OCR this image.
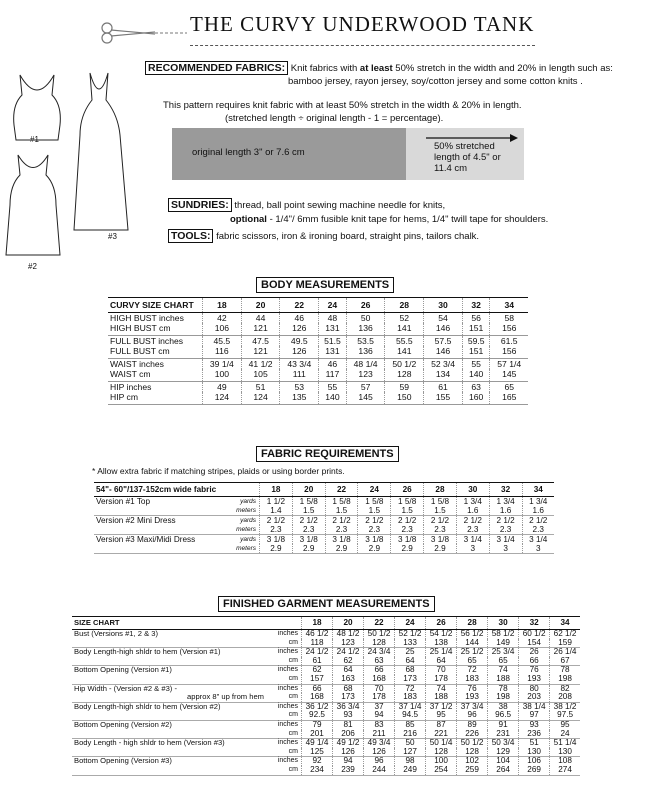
THE CURVY UNDERWOOD TANK
#1
#3
#2
RECOMMENDED FABRICS: Knit fabrics with at least 50% stretch in the width and 20% in length such as:
bamboo jersey, rayon jersey, soy/cotton jersey and some cotton knits .
This pattern requires knit fabric with at least 50% stretch in the width & 20% in length.
(stretched length ÷ original length - 1 = percentage).
original length 3" or 7.6 cm
50% stretched
length of 4.5" or
11.4 cm
SUNDRIES: thread, ball point sewing machine needle for knits,
optional - 1/4"/ 6mm fusible knit tape for hems, 1/4" twill tape for shoulders.
TOOLS: fabric scissors, iron & ironing board, straight pins, tailors chalk.
BODY MEASUREMENTS
CURVY SIZE CHART	18	20	22	24	26	28	30	32	34
HIGH BUST inches	42	44	46	48	50	52	54	56	58
HIGH BUST cm	106	121	126	131	136	141	146	151	156
FULL BUST inches	45.5	47.5	49.5	51.5	53.5	55.5	57.5	59.5	61.5
FULL BUST cm	116	121	126	131	136	141	146	151	156
WAIST inches	39 1/4	41 1/2	43 3/4	46	48 1/4	50 1/2	52 3/4	55	57 1/4
WAIST cm	100	105	111	117	123	128	134	140	145
HIP inches	49	51	53	55	57	59	61	63	65
HIP cm	124	124	135	140	145	150	155	160	165
FABRIC REQUIREMENTS
* Allow extra fabric if matching stripes, plaids or using border prints.
54"- 60"/137-152cm wide fabric		18	20	22	24	26	28	30	32	34
Version #1 Top	yards	1 1/2	1 5/8	1 5/8	1 5/8	1 5/8	1 5/8	1 3/4	1 3/4	1 3/4
	meters	1.4	1.5	1.5	1.5	1.5	1.5	1.6	1.6	1.6
Version #2 Mini Dress	yards	2 1/2	2 1/2	2 1/2	2 1/2	2 1/2	2 1/2	2 1/2	2 1/2	2 1/2
	meters	2.3	2.3	2.3	2.3	2.3	2.3	2.3	2.3	2.3
Version #3 Maxi/Midi Dress	yards	3 1/8	3 1/8	3 1/8	3 1/8	3 1/8	3 1/8	3 1/4	3 1/4	3 1/4
	meters	2.9	2.9	2.9	2.9	2.9	2.9	3	3	3
FINISHED GARMENT MEASUREMENTS
SIZE CHART		18	20	22	24	26	28	30	32	34
Bust (Versions #1, 2 & 3)	inches	46 1/2	48 1/2	50 1/2	52 1/2	54 1/2	56 1/2	58 1/2	60 1/2	62 1/2
	cm	118	123	128	133	138	144	149	154	159
Body Length-high shldr to hem (Version #1)	inches	24 1/2	24 1/2	24 3/4	25	25 1/4	25 1/2	25 3/4	26	26 1/4
	cm	61	62	63	64	64	65	65	66	67
Bottom Opening (Version #1)	inches	62	64	66	68	70	72	74	76	78
	cm	157	163	168	173	178	183	188	193	198
Hip Width - (Version #2 & #3) -	inches	66	68	70	72	74	76	78	80	82
approx 8" up from hem	cm	168	173	178	183	188	193	198	203	208
Body Length-high shldr to hem (Version #2)	inches	36 1/2	36 3/4	37	37 1/4	37 1/2	37 3/4	38	38 1/4	38 1/2
	cm	92.5	93	94	94.5	95	96	96.5	97	97.5
Bottom Opening (Version #2)	inches	79	81	83	85	87	89	91	93	95
	cm	201	206	211	216	221	226	231	236	24
Body Length - high shldr to hem (Version #3)	inches	49 1/4	49 1/2	49 3/4	50	50 1/4	50 1/2	50 3/4	51	51 1/4
	cm	125	126	126	127	128	128	129	130	130
Bottom Opening (Version #3)	inches	92	94	96	98	100	102	104	106	108
	cm	234	239	244	249	254	259	264	269	274
